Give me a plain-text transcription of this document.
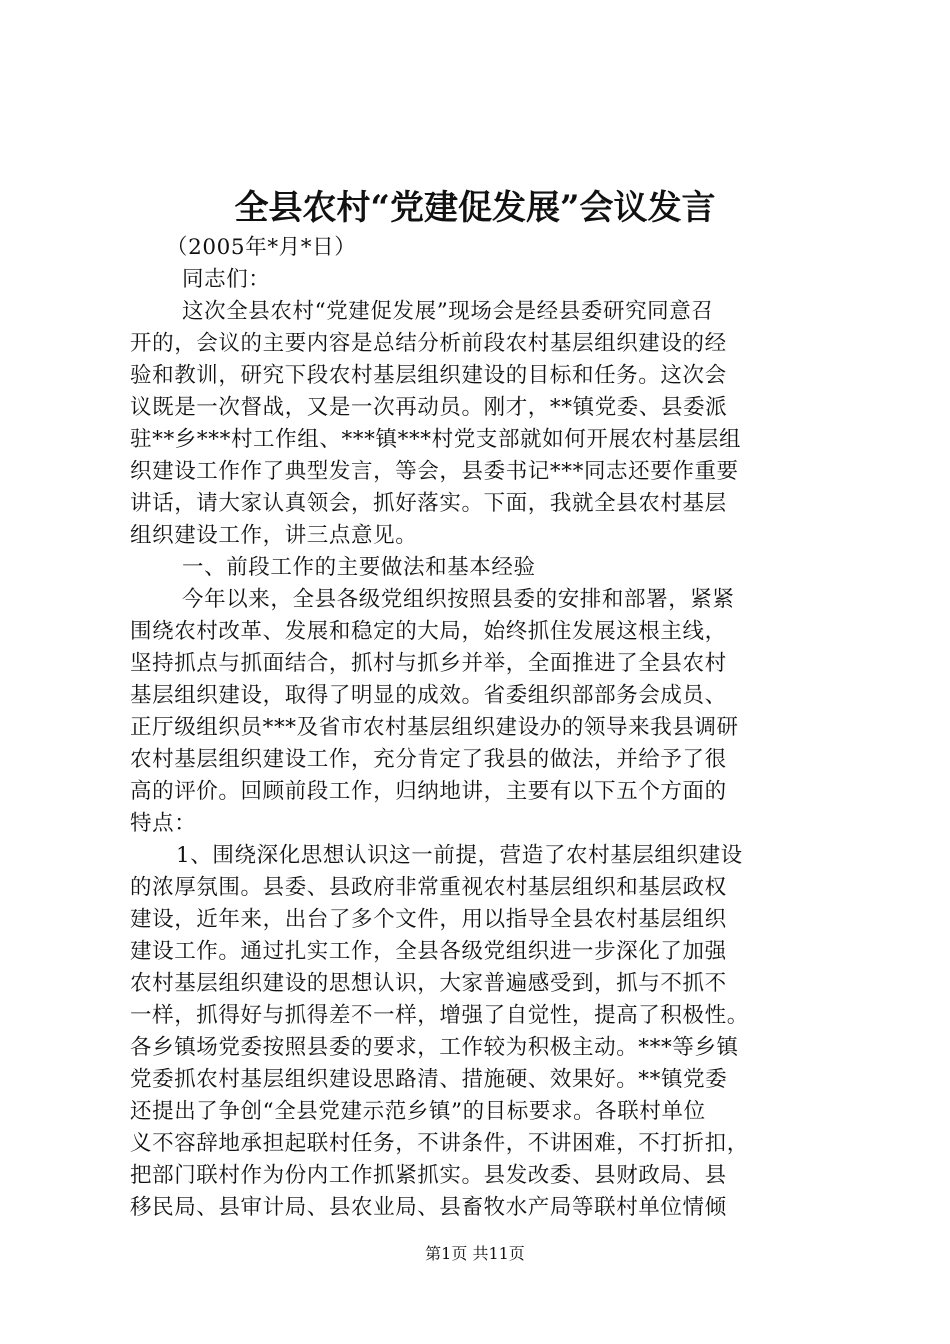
全县农村“党建促发展”会议发言
（2005年*月*日）
同志们：
这次全县农村“党建促发展”现场会是经县委研究同意召
开的，会议的主要内容是总结分析前段农村基层组织建设的经
验和教训，研究下段农村基层组织建设的目标和任务。这次会
议既是一次督战，又是一次再动员。刚才，**镇党委、县委派
驻**乡***村工作组、***镇***村党支部就如何开展农村基层组
织建设工作作了典型发言，等会，县委书记***同志还要作重要
讲话，请大家认真领会，抓好落实。下面，我就全县农村基层
组织建设工作，讲三点意见。
一、前段工作的主要做法和基本经验
今年以来，全县各级党组织按照县委的安排和部署，紧紧
围绕农村改革、发展和稳定的大局，始终抓住发展这根主线，
坚持抓点与抓面结合，抓村与抓乡并举，全面推进了全县农村
基层组织建设，取得了明显的成效。省委组织部部务会成员、
正厅级组织员***及省市农村基层组织建设办的领导来我县调研
农村基层组织建设工作，充分肯定了我县的做法，并给予了很
高的评价。回顾前段工作，归纳地讲，主要有以下五个方面的
特点：
1、围绕深化思想认识这一前提，营造了农村基层组织建设
的浓厚氛围。县委、县政府非常重视农村基层组织和基层政权
建设，近年来，出台了多个文件，用以指导全县农村基层组织
建设工作。通过扎实工作，全县各级党组织进一步深化了加强
农村基层组织建设的思想认识，大家普遍感受到，抓与不抓不
一样，抓得好与抓得差不一样，增强了自觉性，提高了积极性。
各乡镇场党委按照县委的要求，工作较为积极主动。***等乡镇
党委抓农村基层组织建设思路清、措施硬、效果好。**镇党委
还提出了争创“全县党建示范乡镇”的目标要求。各联村单位
义不容辞地承担起联村任务，不讲条件，不讲困难，不打折扣，
把部门联村作为份内工作抓紧抓实。县发改委、县财政局、县
移民局、县审计局、县农业局、县畜牧水产局等联村单位情倾
第1页 共11页
